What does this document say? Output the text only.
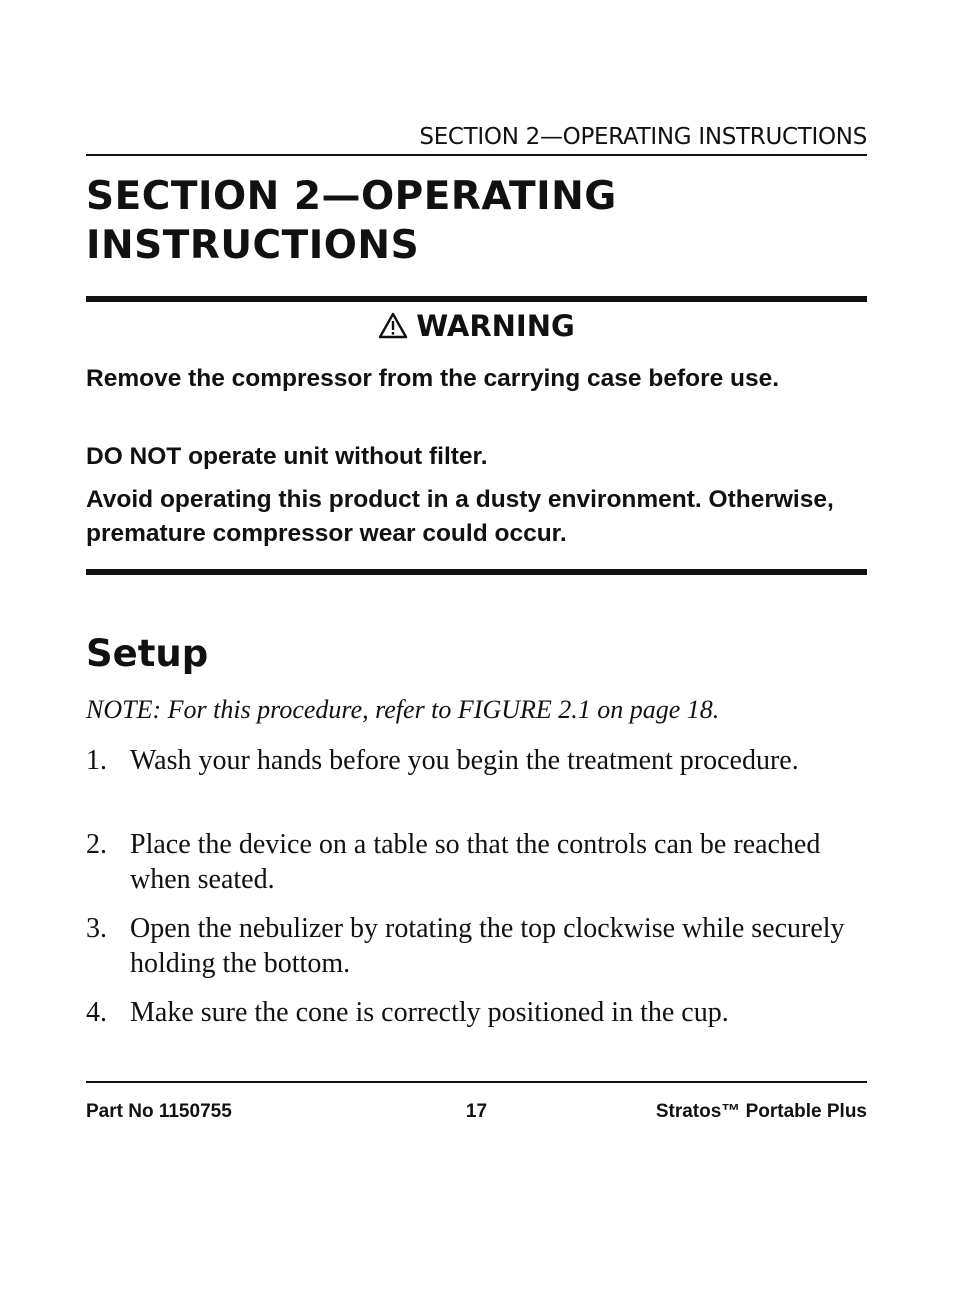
SECTION 2—OPERATING INSTRUCTIONS
SECTION 2—OPERATING
INSTRUCTIONS
WARNING

Remove the compressor from the carrying case before use.

DO NOT operate unit without filter.

Avoid operating this product in a dusty environment. Otherwise, premature compressor wear could occur.

Setup

NOTE: For this procedure, refer to FIGURE 2.1 on page 18.

1. Wash your hands before you begin the treatment procedure.
2. Place the device on a table so that the controls can be reached when seated.
3. Open the nebulizer by rotating the top clockwise while securely holding the bottom.
4. Make sure the cone is correctly positioned in the cup.
Part No 1150755	17	Stratos™ Portable Plus
